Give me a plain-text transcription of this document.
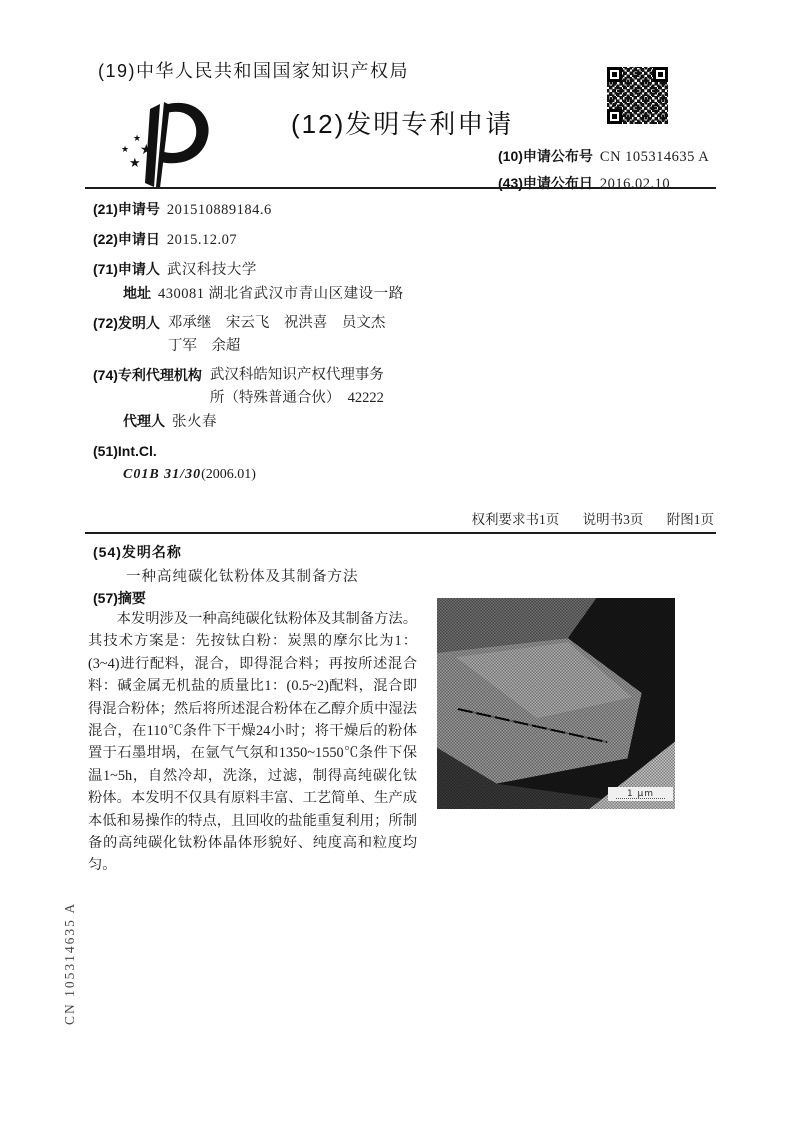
CN 105314635 A
(19)中华人民共和国国家知识产权局
★
★
★ ★
★
(12)发明专利申请
(10)申请公布号 CN 105314635 A
(43)申请公布日 2016.02.10
(21)申请号 201510889184.6
(22)申请日 2015.12.07
(71)申请人 武汉科技大学
地址 430081 湖北省武汉市青山区建设一路
(72)发明人 邓承继　宋云飞　祝洪喜　员文杰
丁军　余超
(74)专利代理机构 武汉科皓知识产权代理事务
所（特殊普通合伙）　42222
代理人 张火春
(51)Int.Cl.
C01B 31/30(2006.01)
权利要求书1页 说明书3页 附图1页
(54)发明名称
一种高纯碳化钛粉体及其制备方法
(57)摘要
本发明涉及一种高纯碳化钛粉体及其制备方法。其技术方案是：先按钛白粉：炭黑的摩尔比为1：(3~4)进行配料，混合，即得混合料；再按所述混合料：碱金属无机盐的质量比1：(0.5~2)配料，混合即得混合粉体；然后将所述混合粉体在乙醇介质中湿法混合，在110℃条件下干燥24小时；将干燥后的粉体置于石墨坩埚，在氩气气氛和1350~1550℃条件下保温1~5h，自然冷却，洗涤，过滤，制得高纯碳化钛粉体。本发明不仅具有原料丰富、工艺简单、生产成本低和易操作的特点，且回收的盐能重复利用；所制备的高纯碳化钛粉体晶体形貌好、纯度高和粒度均匀。
1 μm
